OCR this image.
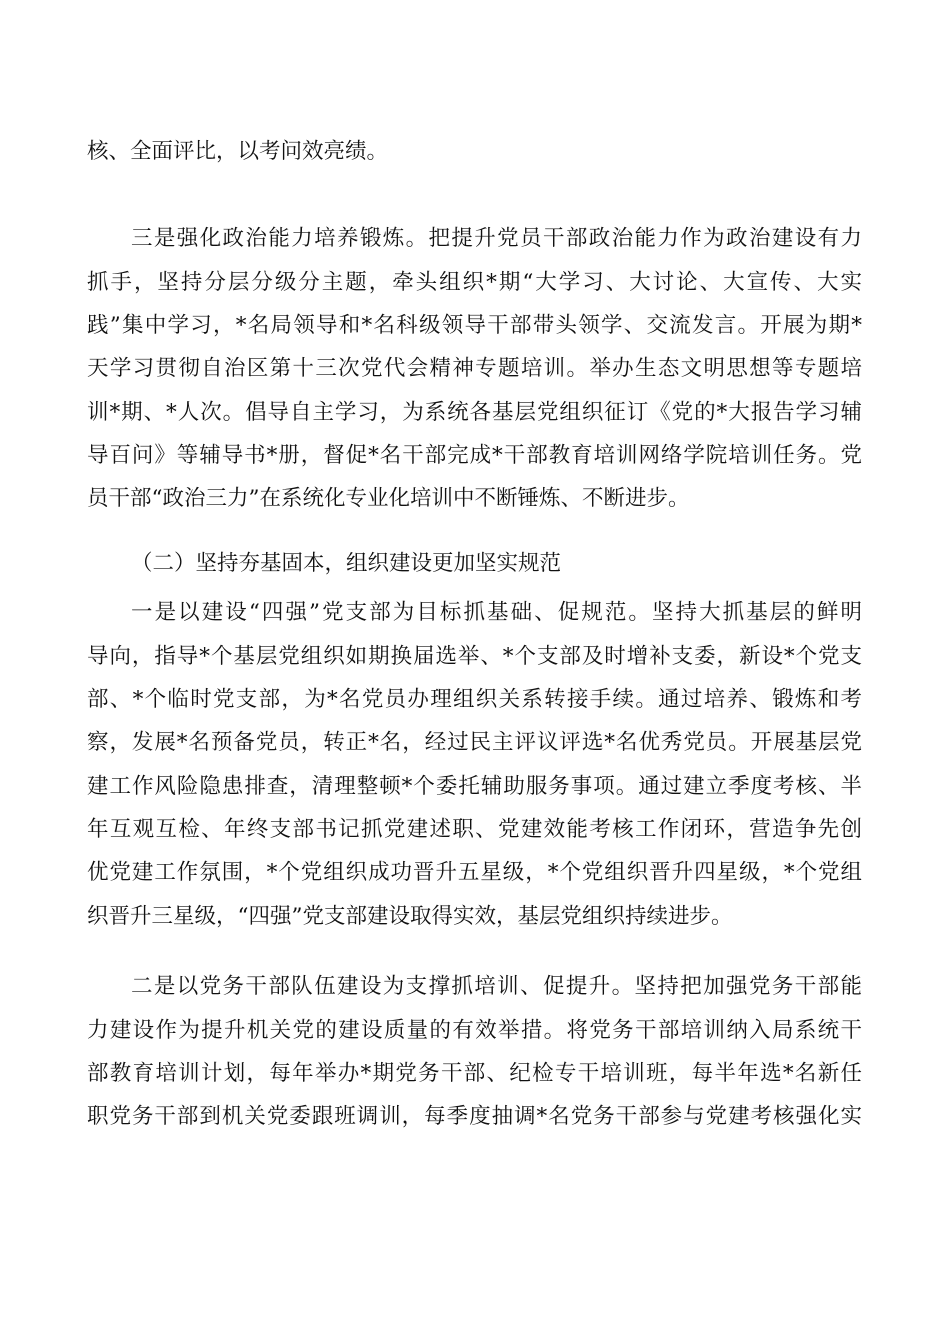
核、全面评比，以考问效亮绩。
三是强化政治能力培养锻炼。把提升党员干部政治能力作为政治建设有力
抓手，坚持分层分级分主题，牵头组织*期“大学习、大讨论、大宣传、大实
践”集中学习，*名局领导和*名科级领导干部带头领学、交流发言。开展为期*
天学习贯彻自治区第十三次党代会精神专题培训。举办生态文明思想等专题培
训*期、*人次。倡导自主学习，为系统各基层党组织征订《党的*大报告学习辅
导百问》等辅导书*册，督促*名干部完成*干部教育培训网络学院培训任务。党
员干部“政治三力”在系统化专业化培训中不断锤炼、不断进步。
（二）坚持夯基固本，组织建设更加坚实规范
一是以建设“四强”党支部为目标抓基础、促规范。坚持大抓基层的鲜明
导向，指导*个基层党组织如期换届选举、*个支部及时增补支委，新设*个党支
部、*个临时党支部，为*名党员办理组织关系转接手续。通过培养、锻炼和考
察，发展*名预备党员，转正*名，经过民主评议评选*名优秀党员。开展基层党
建工作风险隐患排查，清理整顿*个委托辅助服务事项。通过建立季度考核、半
年互观互检、年终支部书记抓党建述职、党建效能考核工作闭环，营造争先创
优党建工作氛围，*个党组织成功晋升五星级，*个党组织晋升四星级，*个党组
织晋升三星级，“四强”党支部建设取得实效，基层党组织持续进步。
二是以党务干部队伍建设为支撑抓培训、促提升。坚持把加强党务干部能
力建设作为提升机关党的建设质量的有效举措。将党务干部培训纳入局系统干
部教育培训计划，每年举办*期党务干部、纪检专干培训班，每半年选*名新任
职党务干部到机关党委跟班调训，每季度抽调*名党务干部参与党建考核强化实
